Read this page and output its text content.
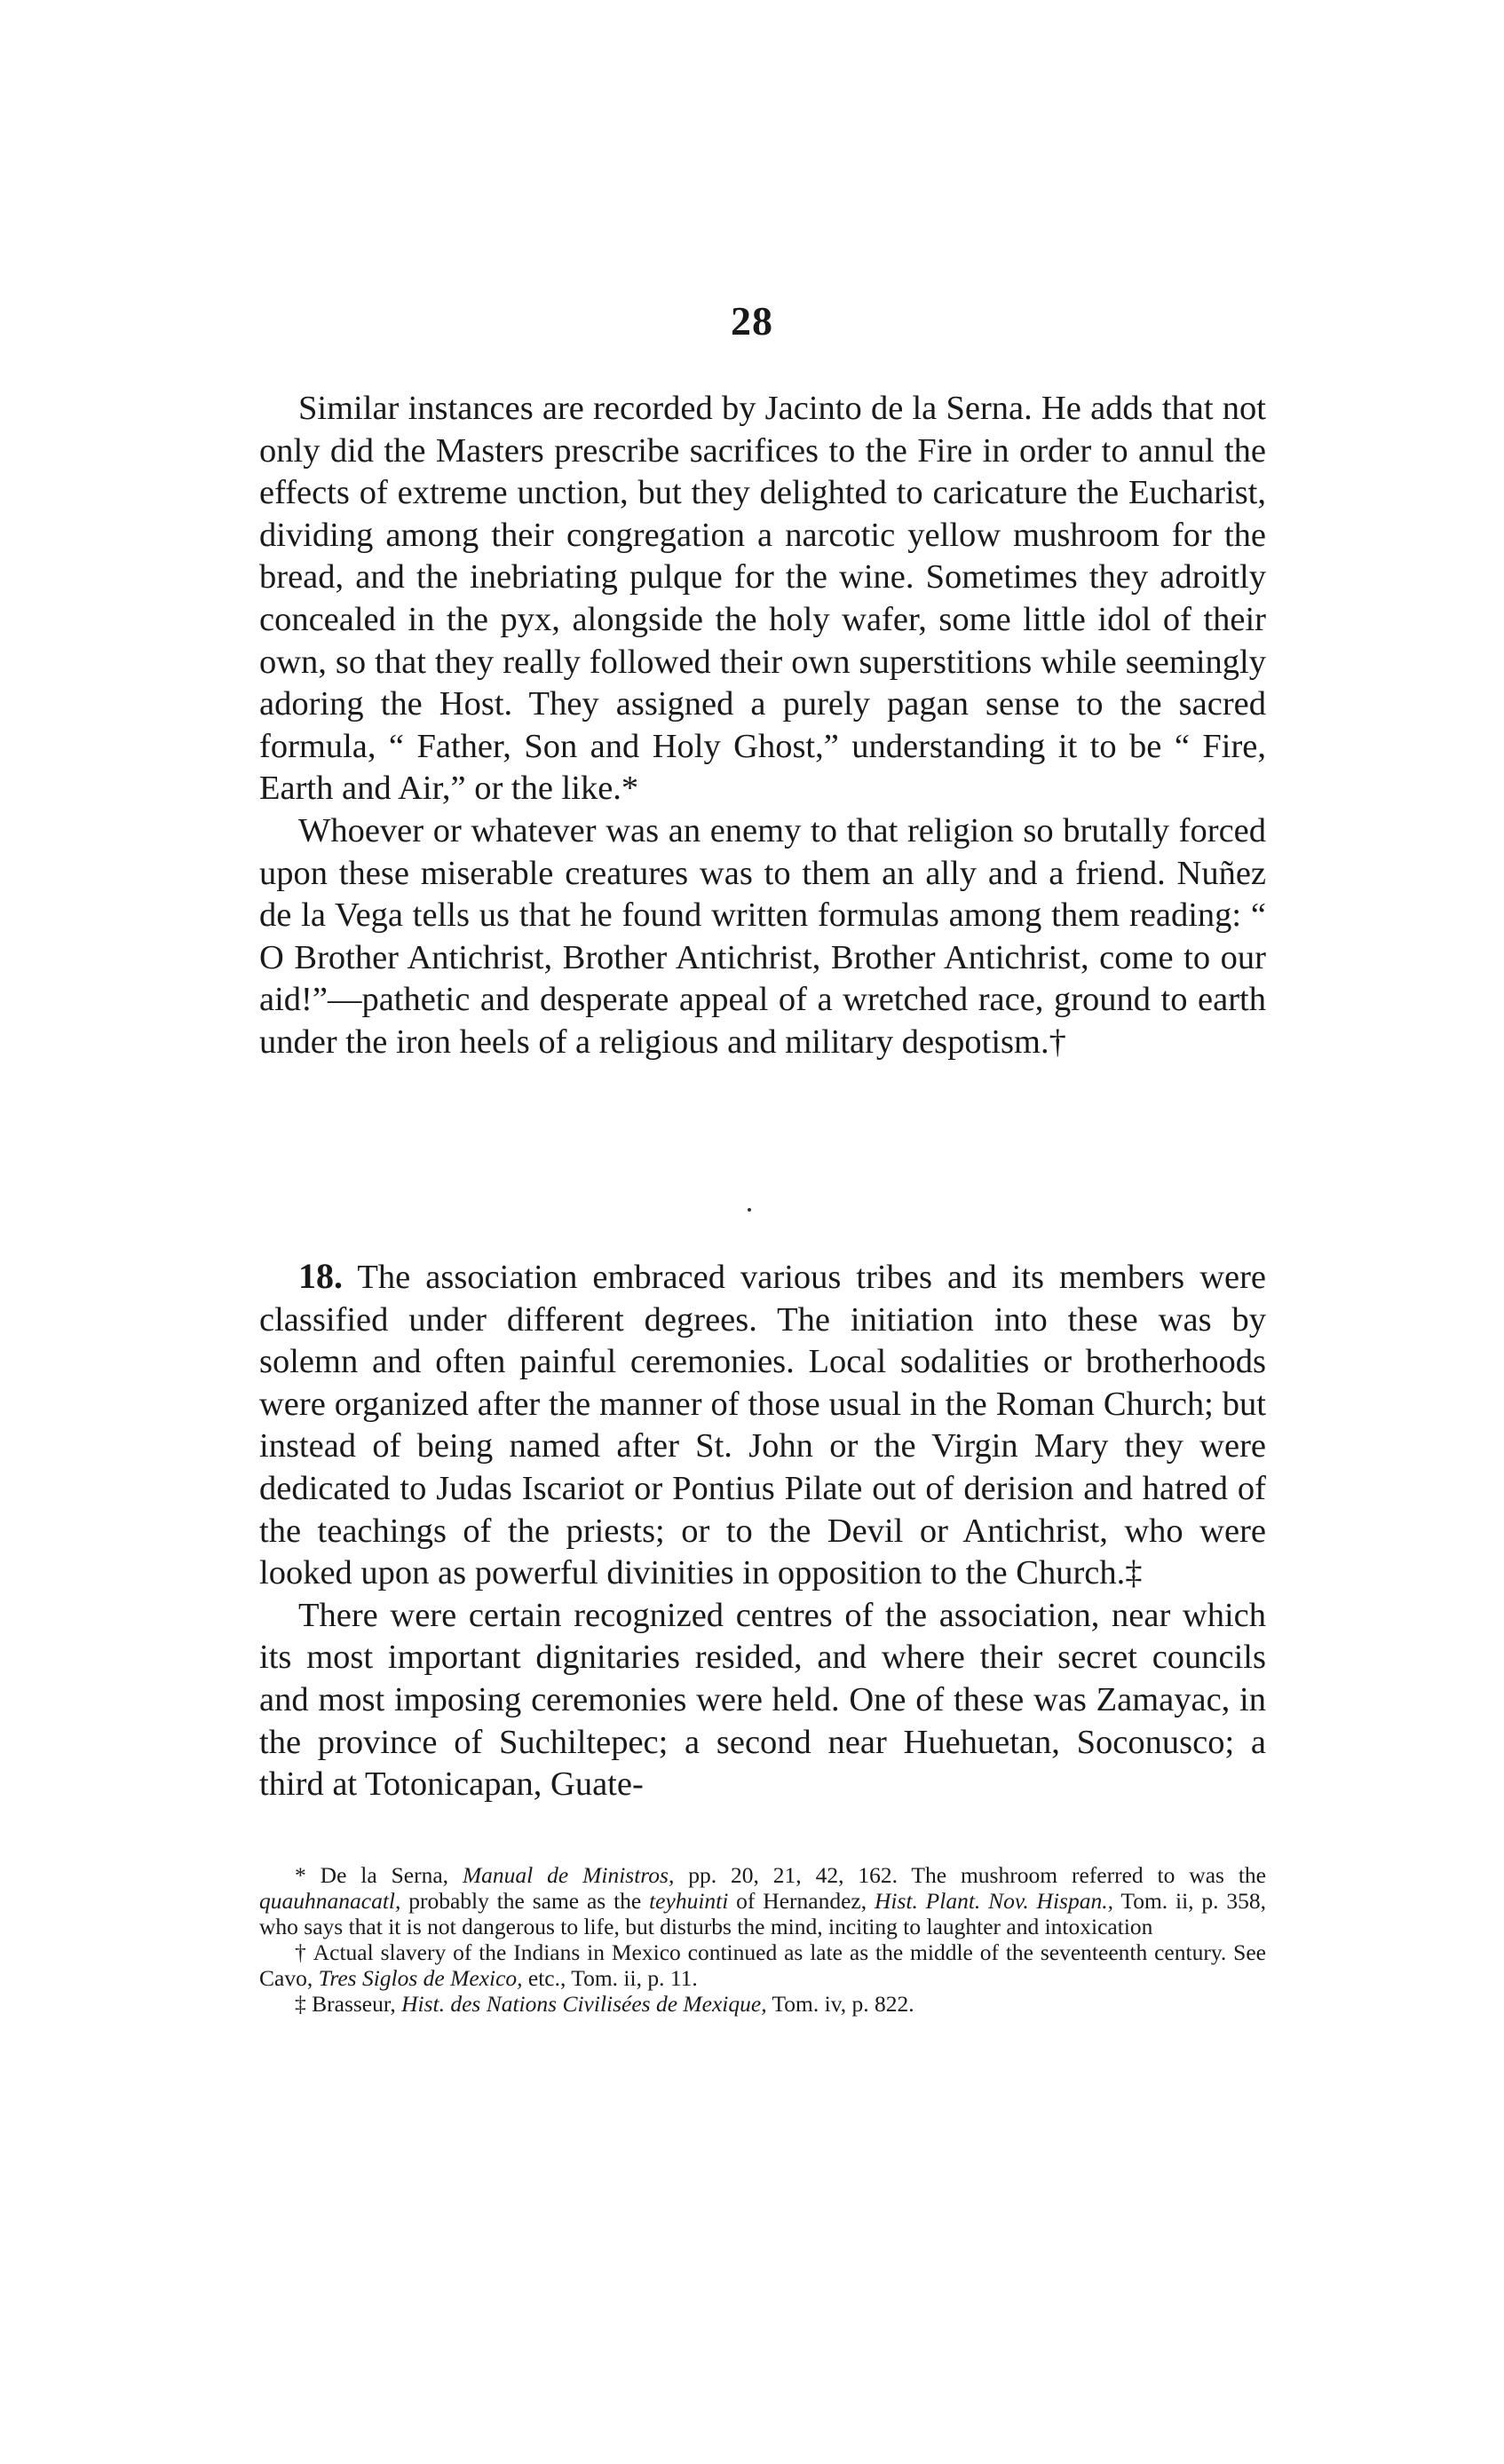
28

Similar instances are recorded by Jacinto de la Serna. He adds that not only did the Masters prescribe sacrifices to the Fire in order to annul the effects of extreme unction, but they delighted to caricature the Eucharist, dividing among their congregation a narcotic yellow mushroom for the bread, and the inebriating pulque for the wine. Sometimes they adroitly concealed in the pyx, alongside the holy wafer, some little idol of their own, so that they really followed their own superstitions while seemingly adoring the Host. They assigned a purely pagan sense to the sacred formula, “ Father, Son and Holy Ghost,” understanding it to be “ Fire, Earth and Air,” or the like.*

Whoever or whatever was an enemy to that religion so brutally forced upon these miserable creatures was to them an ally and a friend. Nuñez de la Vega tells us that he found written formulas among them reading: “ O Brother Antichrist, Brother Antichrist, Brother Antichrist, come to our aid!”—pathetic and desperate appeal of a wretched race, ground to earth under the iron heels of a religious and military despotism.†

18. The association embraced various tribes and its members were classified under different degrees. The initiation into these was by solemn and often painful ceremonies. Local sodalities or brotherhoods were organized after the manner of those usual in the Roman Church; but instead of being named after St. John or the Virgin Mary they were dedicated to Judas Iscariot or Pontius Pilate out of derision and hatred of the teachings of the priests; or to the Devil or Antichrist, who were looked upon as powerful divinities in opposition to the Church.‡

There were certain recognized centres of the association, near which its most important dignitaries resided, and where their secret councils and most imposing ceremonies were held. One of these was Zamayac, in the province of Suchiltepec; a second near Huehuetan, Soconusco; a third at Totonicapan, Guate-

* De la Serna, Manual de Ministros, pp. 20, 21, 42, 162. The mushroom referred to was the quauhnanacatl, probably the same as the teyhuinti of Hernandez, Hist. Plant. Nov. Hispan., Tom. ii, p. 358, who says that it is not dangerous to life, but disturbs the mind, inciting to laughter and intoxication

† Actual slavery of the Indians in Mexico continued as late as the middle of the seventeenth century. See Cavo, Tres Siglos de Mexico, etc., Tom. ii, p. 11.

‡ Brasseur, Hist. des Nations Civilisées de Mexique, Tom. iv, p. 822.
